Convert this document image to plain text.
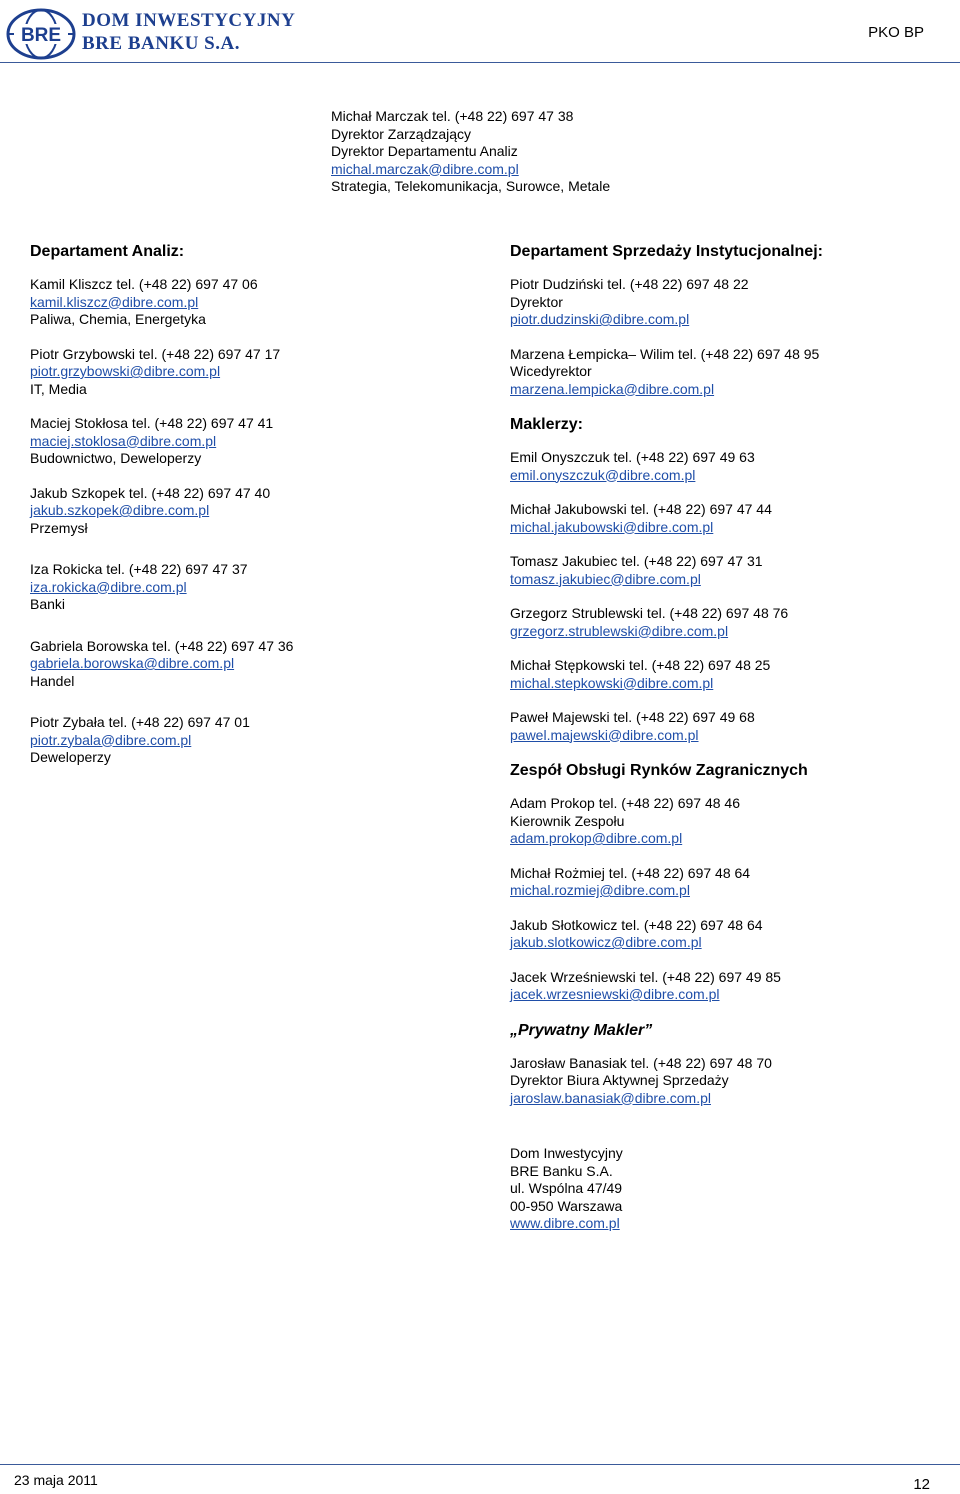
BRE
DOM INWESTYCYJNY
BRE BANKU S.A.
PKO BP
Michał Marczak tel. (+48 22) 697 47 38
Dyrektor Zarządzający
Dyrektor Departamentu Analiz
michal.marczak@dibre.com.pl
Strategia, Telekomunikacja, Surowce, Metale
Departament Analiz:
Kamil Kliszcz tel. (+48 22) 697 47 06
kamil.kliszcz@dibre.com.pl
Paliwa, Chemia, Energetyka
Piotr Grzybowski tel. (+48 22) 697 47 17
piotr.grzybowski@dibre.com.pl
IT, Media
Maciej Stokłosa tel. (+48 22) 697 47 41
maciej.stoklosa@dibre.com.pl
Budownictwo, Deweloperzy
Jakub Szkopek tel. (+48 22) 697 47 40
jakub.szkopek@dibre.com.pl
Przemysł
Iza Rokicka tel. (+48 22) 697 47 37
iza.rokicka@dibre.com.pl
Banki
Gabriela Borowska tel. (+48 22) 697 47 36
gabriela.borowska@dibre.com.pl
Handel
Piotr Zybała tel. (+48 22) 697 47 01
piotr.zybala@dibre.com.pl
Deweloperzy
Departament Sprzedaży Instytucjonalnej:
Piotr Dudziński tel. (+48 22) 697 48 22
Dyrektor
piotr.dudzinski@dibre.com.pl
Marzena Łempicka– Wilim tel. (+48 22) 697 48 95
Wicedyrektor
marzena.lempicka@dibre.com.pl
Maklerzy:
Emil Onyszczuk tel. (+48 22) 697 49 63
emil.onyszczuk@dibre.com.pl
Michał Jakubowski tel. (+48 22) 697 47 44
michal.jakubowski@dibre.com.pl
Tomasz Jakubiec tel. (+48 22) 697 47 31
tomasz.jakubiec@dibre.com.pl
Grzegorz Strublewski tel. (+48 22) 697 48 76
grzegorz.strublewski@dibre.com.pl
Michał Stępkowski tel. (+48 22) 697 48 25
michal.stepkowski@dibre.com.pl
Paweł Majewski tel. (+48 22) 697 49 68
pawel.majewski@dibre.com.pl
Zespół Obsługi Rynków Zagranicznych
Adam Prokop tel. (+48 22) 697 48 46
Kierownik Zespołu
adam.prokop@dibre.com.pl
Michał Rożmiej tel. (+48 22) 697 48 64
michal.rozmiej@dibre.com.pl
Jakub Słotkowicz tel. (+48 22) 697 48 64
jakub.slotkowicz@dibre.com.pl
Jacek Wrześniewski tel. (+48 22) 697 49 85
jacek.wrzesniewski@dibre.com.pl
„Prywatny Makler”
Jarosław Banasiak tel. (+48 22) 697 48 70
Dyrektor Biura Aktywnej Sprzedaży
jaroslaw.banasiak@dibre.com.pl
Dom Inwestycyjny
BRE Banku S.A.
ul. Wspólna 47/49
00-950 Warszawa
www.dibre.com.pl
23 maja 2011	12
